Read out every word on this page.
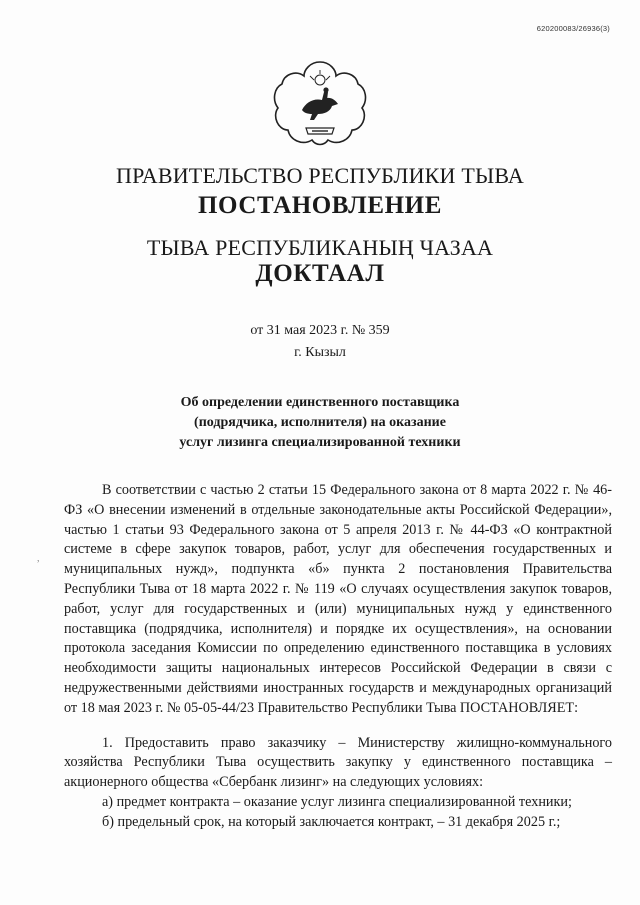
620200083/26936(3)
ПРАВИТЕЛЬСТВО РЕСПУБЛИКИ ТЫВА
ПОСТАНОВЛЕНИЕ
ТЫВА РЕСПУБЛИКАНЫҢ ЧАЗАА
ДОКТААЛ
от 31 мая 2023 г. № 359
г. Кызыл
Об определении единственного поставщика
(подрядчика, исполнителя) на оказание
услуг лизинга специализированной техники
,

В соответствии с частью 2 статьи 15 Федерального закона от 8 марта 2022 г. № 46-ФЗ «О внесении изменений в отдельные законодательные акты Российской Федерации», частью 1 статьи 93 Федерального закона от 5 апреля 2013 г. № 44-ФЗ «О контрактной системе в сфере закупок товаров, работ, услуг для обеспечения государственных и муниципальных нужд», подпункта «б» пункта 2 постановления Правительства Республики Тыва от 18 марта 2022 г. № 119 «О случаях осуществления закупок товаров, работ, услуг для государственных и (или) муниципальных нужд у единственного поставщика (подрядчика, исполнителя) и порядке их осуществления», на основании протокола заседания Комиссии по определению единственного поставщика в условиях необходимости защиты национальных интересов Российской Федерации в связи с недружественными действиями иностранных государств и международных организаций от 18 мая 2023 г. № 05-05-44/23 Правительство Республики Тыва ПОСТАНОВЛЯЕТ:

1. Предоставить право заказчику – Министерству жилищно-коммунального хозяйства Республики Тыва осуществить закупку у единственного поставщика – акционерного общества «Сбербанк лизинг» на следующих условиях:

а) предмет контракта – оказание услуг лизинга специализированной техники;

б) предельный срок, на который заключается контракт, – 31 декабря 2025 г.;
